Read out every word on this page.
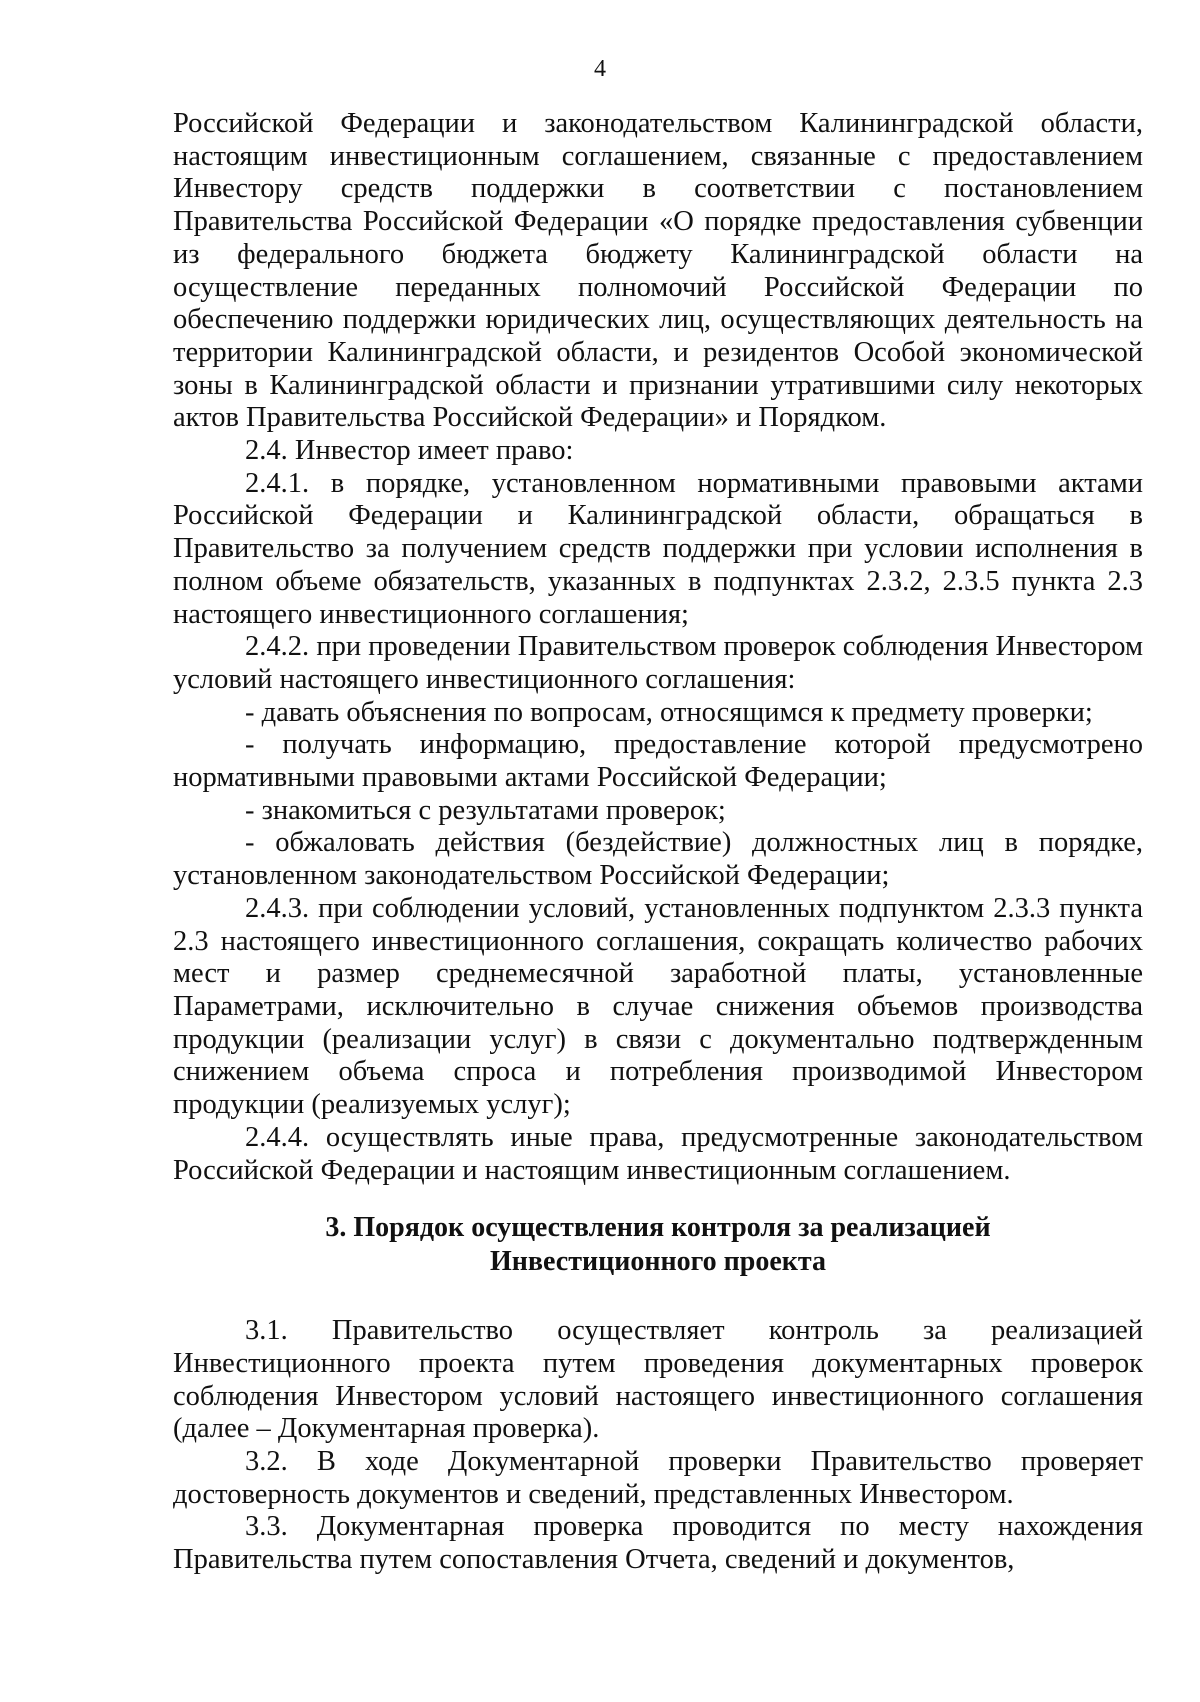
4

Российской Федерации и законодательством Калининградской области, настоящим инвестиционным соглашением, связанные с предоставлением Инвестору средств поддержки в соответствии с постановлением Правительства Российской Федерации «О порядке предоставления субвенции из федерального бюджета бюджету Калининградской области на осуществление переданных полномочий Российской Федерации по обеспечению поддержки юридических лиц, осуществляющих деятельность на территории Калининградской области, и резидентов Особой экономической зоны в Калининградской области и признании утратившими силу некоторых актов Правительства Российской Федерации» и Порядком.

2.4. Инвестор имеет право:

2.4.1. в порядке, установленном нормативными правовыми актами Российской Федерации и Калининградской области, обращаться в Правительство за получением средств поддержки при условии исполнения в полном объеме обязательств, указанных в подпунктах 2.3.2, 2.3.5 пункта 2.3 настоящего инвестиционного соглашения;

2.4.2. при проведении Правительством проверок соблюдения Инвестором условий настоящего инвестиционного соглашения:

- давать объяснения по вопросам, относящимся к предмету проверки;

- получать информацию, предоставление которой предусмотрено нормативными правовыми актами Российской Федерации;

- знакомиться с результатами проверок;

- обжаловать действия (бездействие) должностных лиц в порядке, установленном законодательством Российской Федерации;

2.4.3. при соблюдении условий, установленных подпунктом 2.3.3 пункта 2.3 настоящего инвестиционного соглашения, сокращать количество рабочих мест и размер среднемесячной заработной платы, установленные Параметрами, исключительно в случае снижения объемов производства продукции (реализации услуг) в связи с документально подтвержденным снижением объема спроса и потребления производимой Инвестором продукции (реализуемых услуг);

2.4.4. осуществлять иные права, предусмотренные законодательством Российской Федерации и настоящим инвестиционным соглашением.

3. Порядок осуществления контроля за реализацией
Инвестиционного проекта

3.1. Правительство осуществляет контроль за реализацией Инвестиционного проекта путем проведения документарных проверок соблюдения Инвестором условий настоящего инвестиционного соглашения (далее – Документарная проверка).

3.2. В ходе Документарной проверки Правительство проверяет достоверность документов и сведений, представленных Инвестором.

3.3. Документарная проверка проводится по месту нахождения Правительства путем сопоставления Отчета, сведений и документов,
